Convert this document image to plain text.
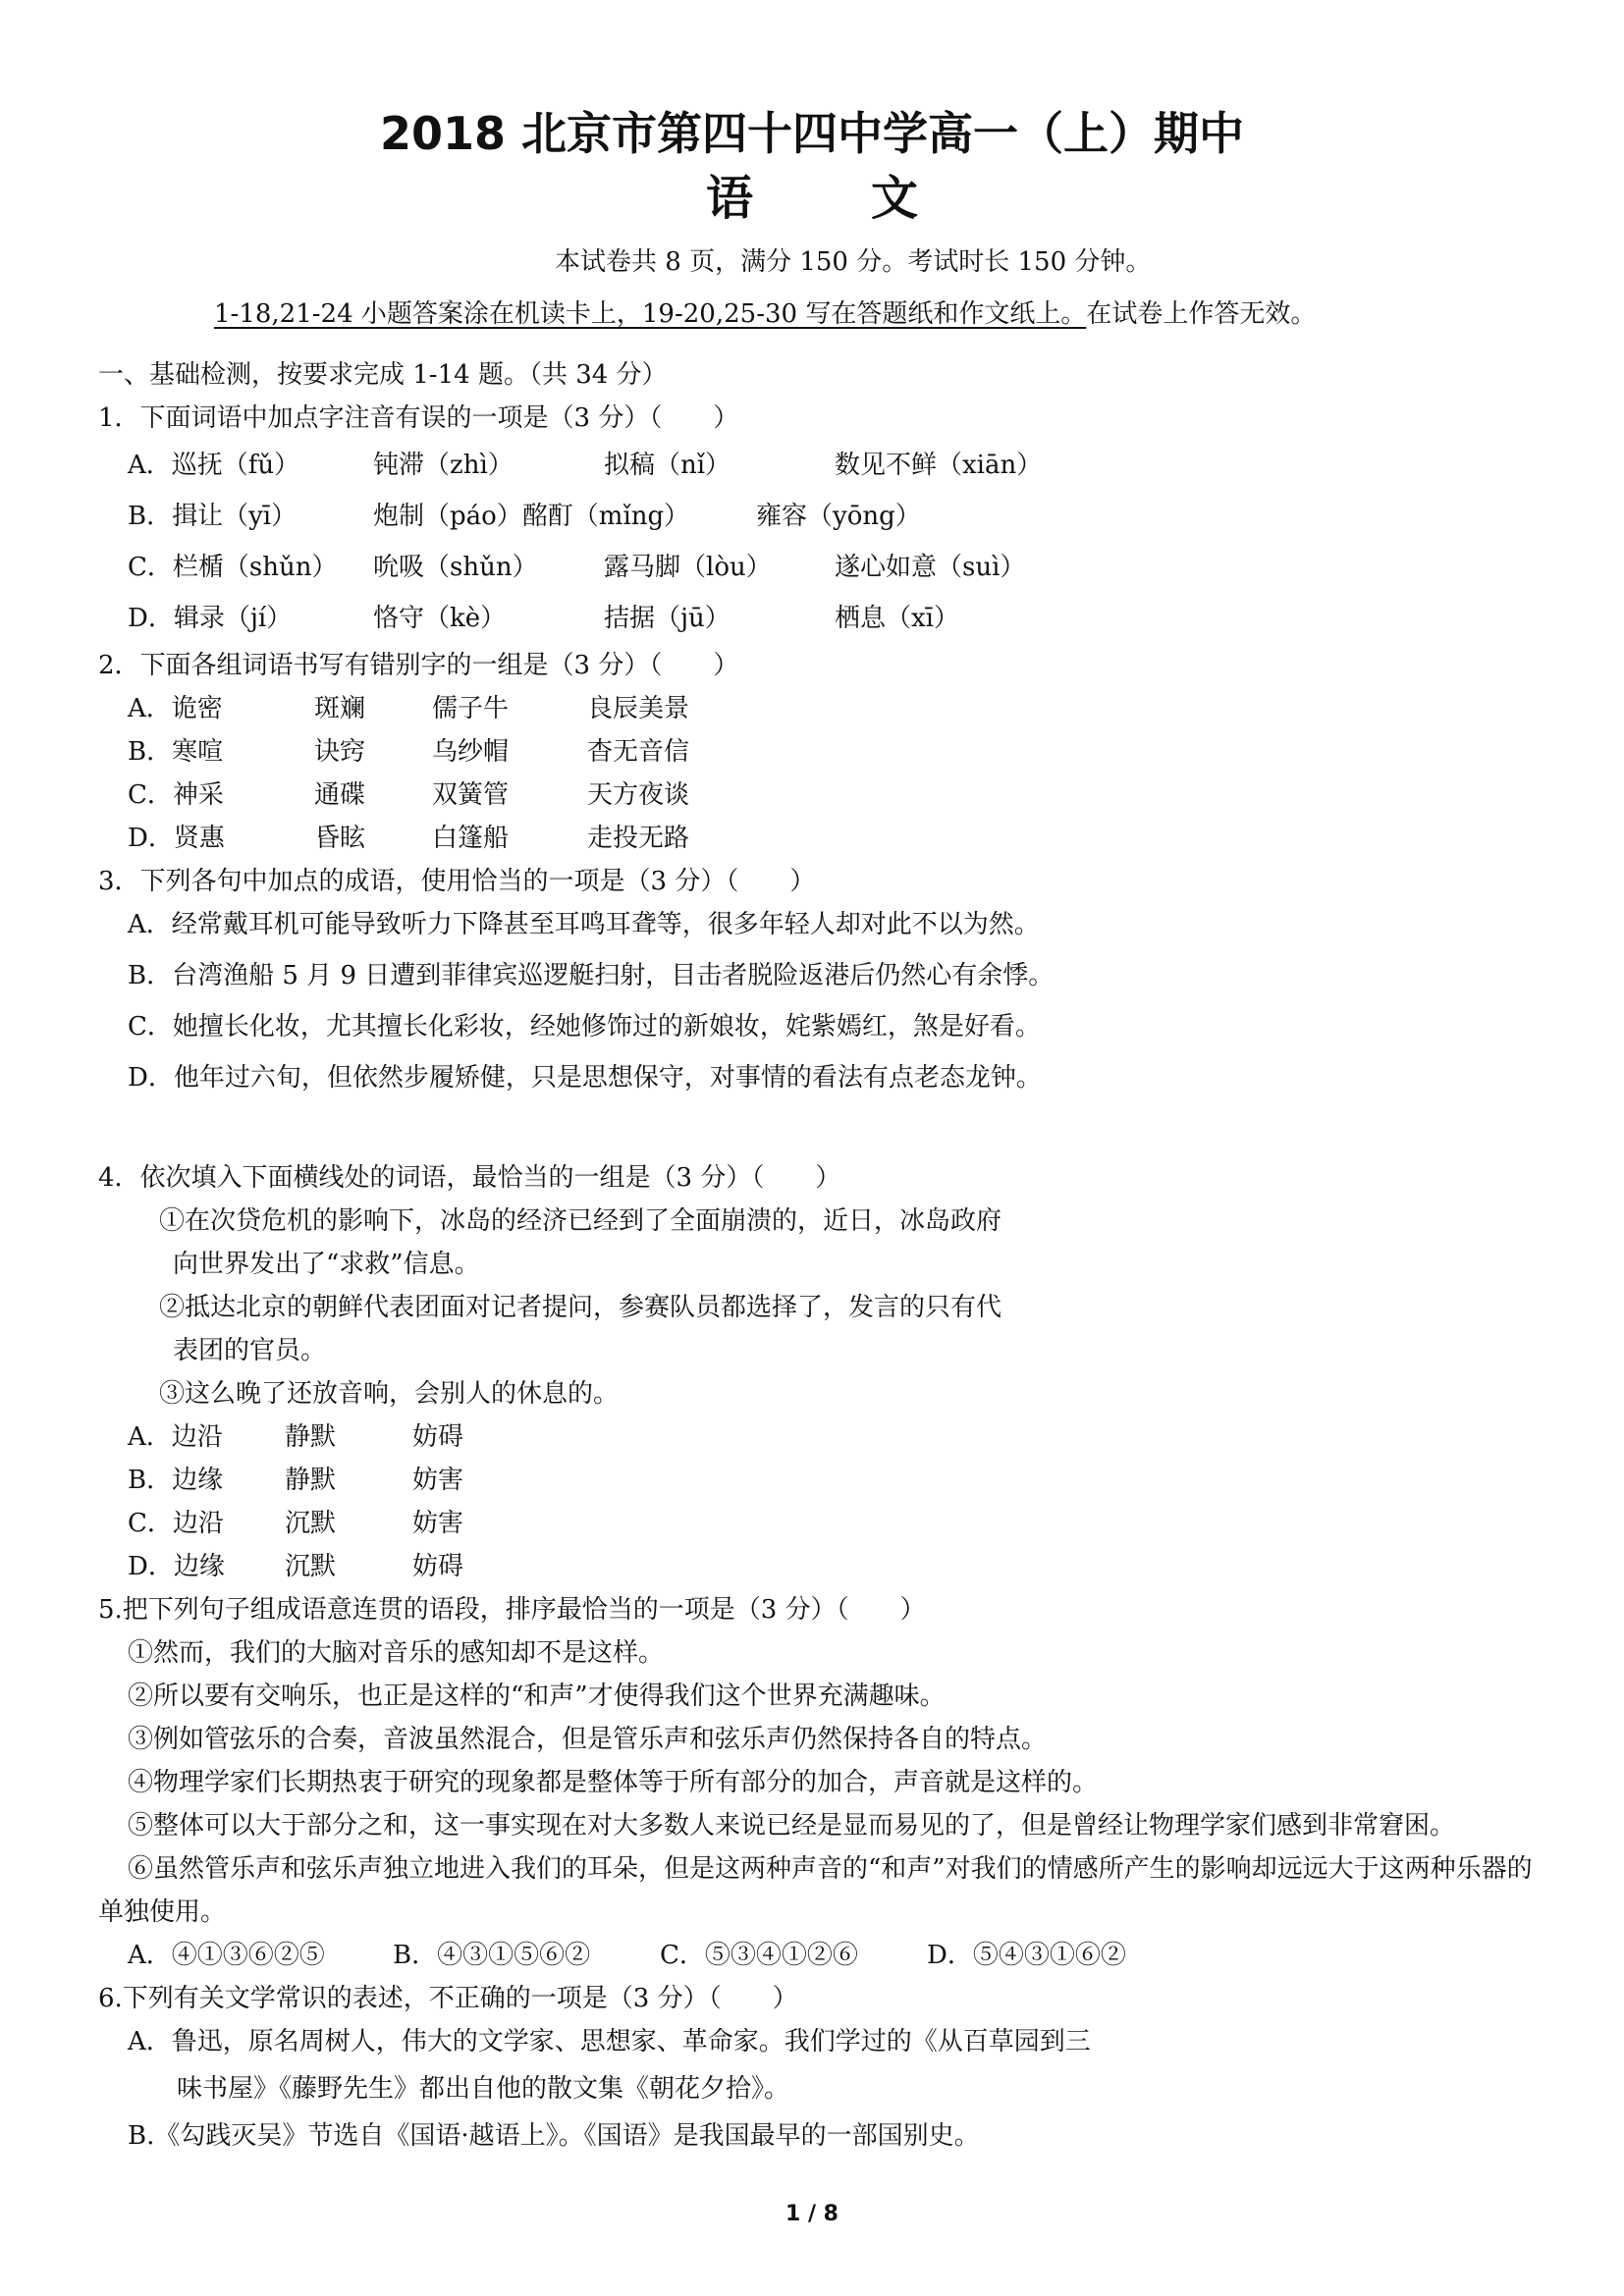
2018 北京市第四十四中学高一（上）期中
语文
本试卷共 8 页，满分 150 分。考试时长 150 分钟。
1-18,21-24 小题答案涂在机读卡上，19-20,25-30 写在答题纸和作文纸上。在试卷上作答无效。
一、基础检测，按要求完成 1-14 题。（共 34 分）
1．下面词语中加点字注音有误的一项是（3 分）（　　）
A．巡抚（fǔ）	钝滞（zhì）	拟稿（nǐ）	数见不鲜（xiān）
B．揖让（yī）	炮制（páo）酩酊（mǐng）	雍容（yōng）
C．栏楯（shǔn）	吮吸（shǔn）	露马脚（lòu）	遂心如意（suì）
D．辑录（jí）	恪守（kè）	拮据（jū）	栖息（xī）
2．下面各组词语书写有错别字的一组是（3 分）（　　）
A．诡密	斑斓	儒子牛	良辰美景
B．寒喧	诀窍	乌纱帽	杳无音信
C．神采	通碟	双簧管	天方夜谈
D．贤惠	昏眩	白篷船	走投无路
3．下列各句中加点的成语，使用恰当的一项是（3 分）（　　）
A．经常戴耳机可能导致听力下降甚至耳鸣耳聋等，很多年轻人却对此不以为然。
B．台湾渔船 5 月 9 日遭到菲律宾巡逻艇扫射，目击者脱险返港后仍然心有余悸。
C．她擅长化妆，尤其擅长化彩妆，经她修饰过的新娘妆，姹紫嫣红，煞是好看。
D．他年过六旬，但依然步履矫健，只是思想保守，对事情的看法有点老态龙钟。
4．依次填入下面横线处的词语，最恰当的一组是（3 分）（　　）
①在次贷危机的影响下，冰岛的经济已经到了全面崩溃的，近日，冰岛政府
向世界发出了“求救”信息。
②抵达北京的朝鲜代表团面对记者提问，参赛队员都选择了，发言的只有代
表团的官员。
③这么晚了还放音响，会别人的休息的。
A．边沿	静默	妨碍
B．边缘	静默	妨害
C．边沿	沉默	妨害
D．边缘	沉默	妨碍
5.把下列句子组成语意连贯的语段，排序最恰当的一项是（3 分）（　　）
①然而，我们的大脑对音乐的感知却不是这样。
②所以要有交响乐，也正是这样的“和声”才使得我们这个世界充满趣味。
③例如管弦乐的合奏，音波虽然混合，但是管乐声和弦乐声仍然保持各自的特点。
④物理学家们长期热衷于研究的现象都是整体等于所有部分的加合，声音就是这样的。
⑤整体可以大于部分之和，这一事实现在对大多数人来说已经是显而易见的了，但是曾经让物理学家们感到非常窘困。
⑥虽然管乐声和弦乐声独立地进入我们的耳朵，但是这两种声音的“和声”对我们的情感所产生的影响却远远大于这两种乐器的单独使用。
A．④①③⑥②⑤	B．④③①⑤⑥②	C．⑤③④①②⑥	D．⑤④③①⑥②
6.下列有关文学常识的表述，不正确的一项是（3 分）（　　）
A．鲁迅，原名周树人，伟大的文学家、思想家、革命家。我们学过的《从百草园到三
味书屋》《藤野先生》都出自他的散文集《朝花夕拾》。
B.《勾践灭吴》节选自《国语·越语上》。《国语》是我国最早的一部国别史。
1 / 8
